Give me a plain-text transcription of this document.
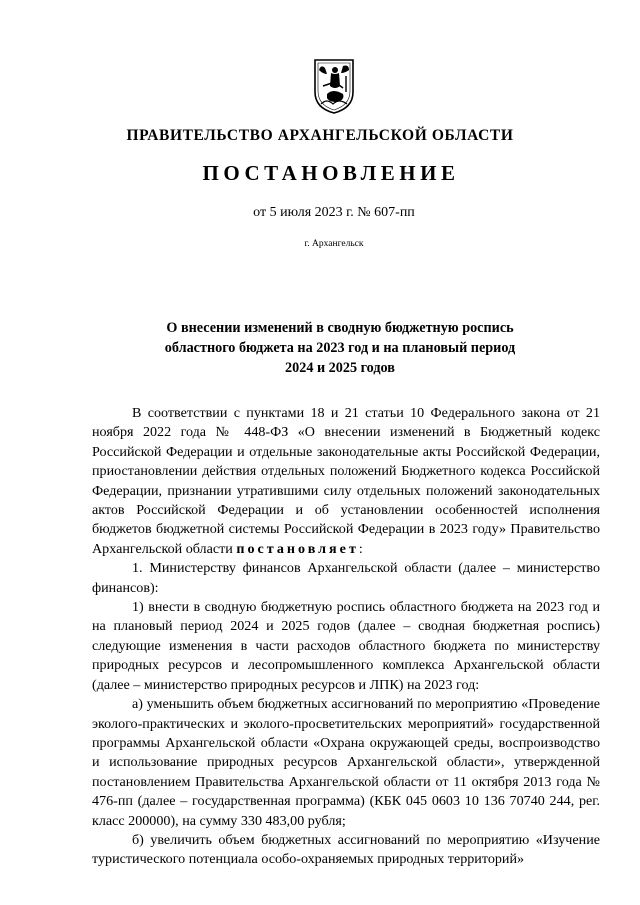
ПРАВИТЕЛЬСТВО АРХАНГЕЛЬСКОЙ ОБЛАСТИ
ПОСТАНОВЛЕНИЕ
от 5 июля 2023 г. № 607-пп
г. Архангельск
О внесении изменений в сводную бюджетную роспись
областного бюджета на 2023 год и на плановый период
2024 и 2025 годов

В соответствии с пунктами 18 и 21 статьи 10 Федерального закона от 21 ноября 2022 года № 448-ФЗ «О внесении изменений в Бюджетный кодекс Российской Федерации и отдельные законодательные акты Российской Федерации, приостановлении действия отдельных положений Бюджетного кодекса Российской Федерации, признании утратившими силу отдельных положений законодательных актов Российской Федерации и об установлении особенностей исполнения бюджетов бюджетной системы Российской Федерации в 2023 году» Правительство Архангельской области постановляет:

1. Министерству финансов Архангельской области (далее – министерство финансов):

1) внести в сводную бюджетную роспись областного бюджета на 2023 год и на плановый период 2024 и 2025 годов (далее – сводная бюджетная роспись) следующие изменения в части расходов областного бюджета по министерству природных ресурсов и лесопромышленного комплекса Архангельской области (далее – министерство природных ресурсов и ЛПК) на 2023 год:

а) уменьшить объем бюджетных ассигнований по мероприятию «Проведение эколого-практических и эколого-просветительских мероприятий» государственной программы Архангельской области «Охрана окружающей среды, воспроизводство и использование природных ресурсов Архангельской области», утвержденной постановлением Правительства Архангельской области от 11 октября 2013 года № 476-пп (далее – государственная программа) (КБК 045 0603 10 136 70740 244, рег. класс 200000), на сумму 330 483,00 рубля;

б) увеличить объем бюджетных ассигнований по мероприятию «Изучение туристического потенциала особо-охраняемых природных территорий»
